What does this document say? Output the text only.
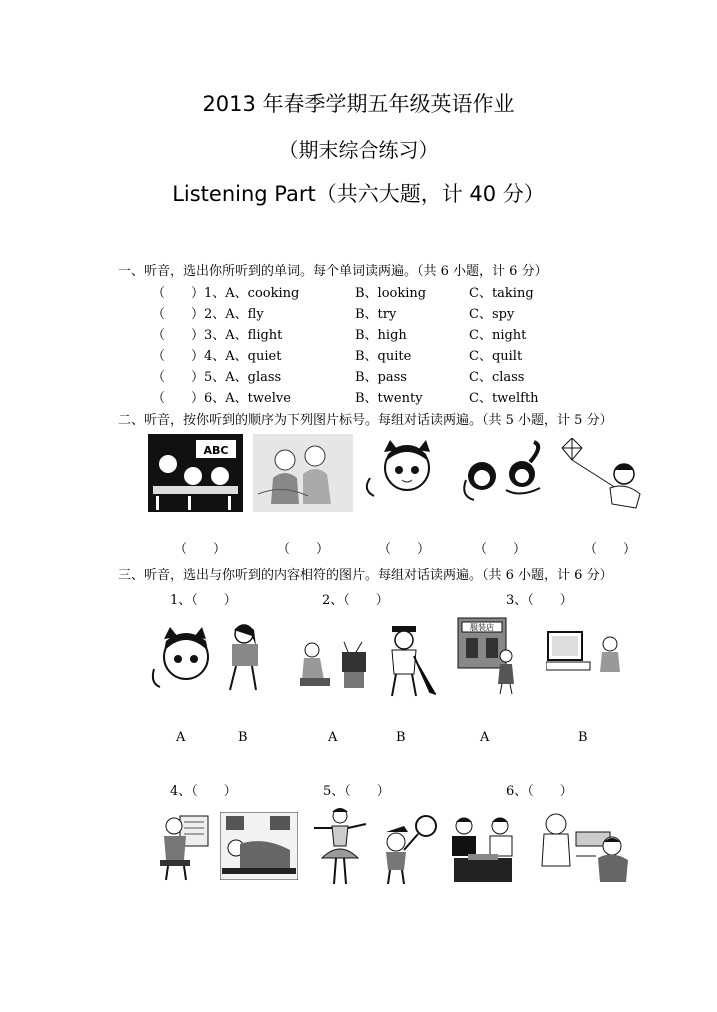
2013 年春季学期五年级英语作业
（期末综合练习）
Listening Part（共六大题，计 40 分）
一、听音，选出你所听到的单词。每个单词读两遍。（共 6 小题，计 6 分）
（　　）1、A、cooking	B、looking	C、taking
（　　）2、A、fly	B、try	C、spy
（　　）3、A、flight	B、high	C、night
（　　）4、A、quiet	B、quite	C、quilt
（　　）5、A、glass	B、pass	C、class
（　　）6、A、twelve	B、twenty	C、twelfth
二、听音，按你听到的顺序为下列图片标号。每组对话读两遍。（共 5 小题，计 5 分）
ABC
（　　）	（　　）	（　　）	（　　）	（　　）
三、听音，选出与你听到的内容相符的图片。每组对话读两遍。（共 6 小题，计 6 分）
1、（　　）	2、（　　）	3、（　　）
服装店
A	B	A	B	A	B
4、（　　）	5、（　　）	6、（　　）
